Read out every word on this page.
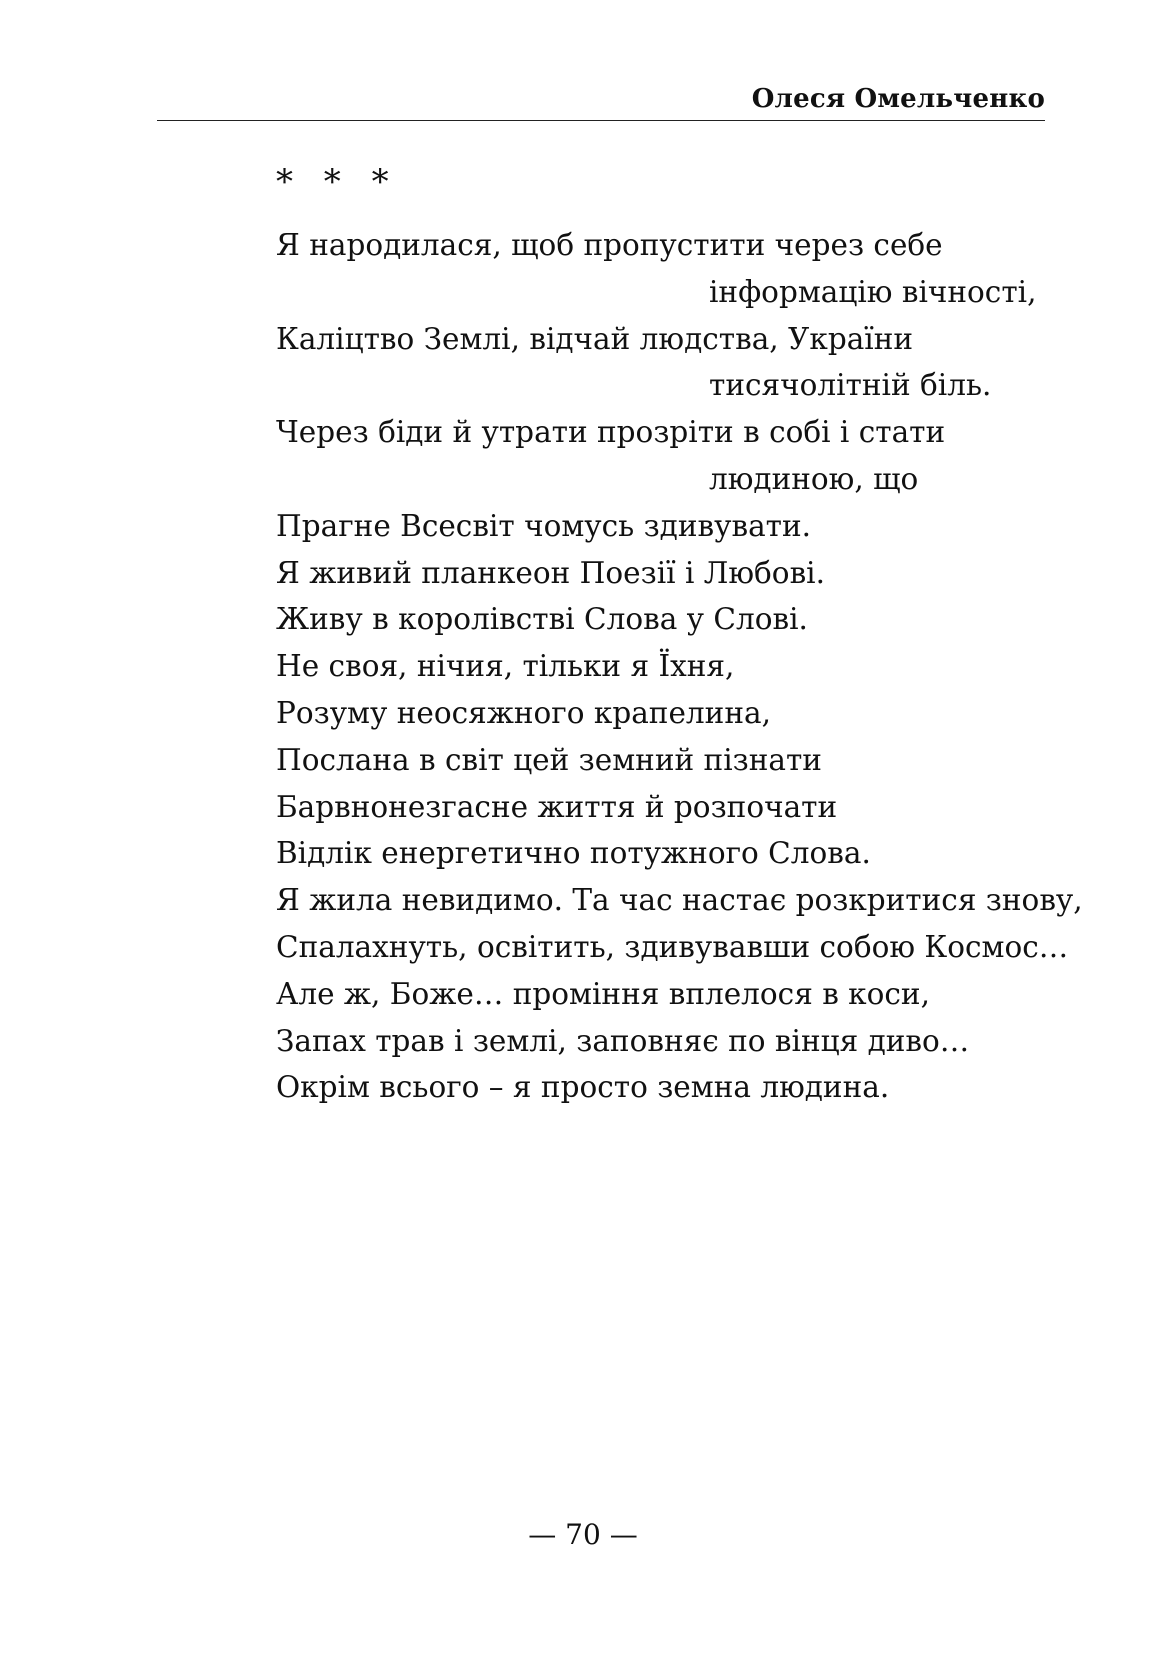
Олеся Омельченко
* * *
Я народилася, щоб пропустити через себе
інформацію вічності,
Каліцтво Землі, відчай людства, України
тисячолітній біль.
Через біди й утрати прозріти в собі і стати
людиною, що
Прагне Всесвіт чомусь здивувати.
Я живий планкеон Поезії і Любові.
Живу в королівстві Слова у Слові.
Не своя, нічия, тільки я Їхня,
Розуму неосяжного крапелина,
Послана в світ цей земний пізнати
Барвнонезгасне життя й розпочати
Відлік енергетично потужного Слова.
Я жила невидимо. Та час настає розкритися знову,
Спалахнуть, освітить, здивувавши собою Космос…
Але ж, Боже… проміння вплелося в коси,
Запах трав і землі, заповняє по вінця диво…
Окрім всього – я просто земна людина.
— 70 —
